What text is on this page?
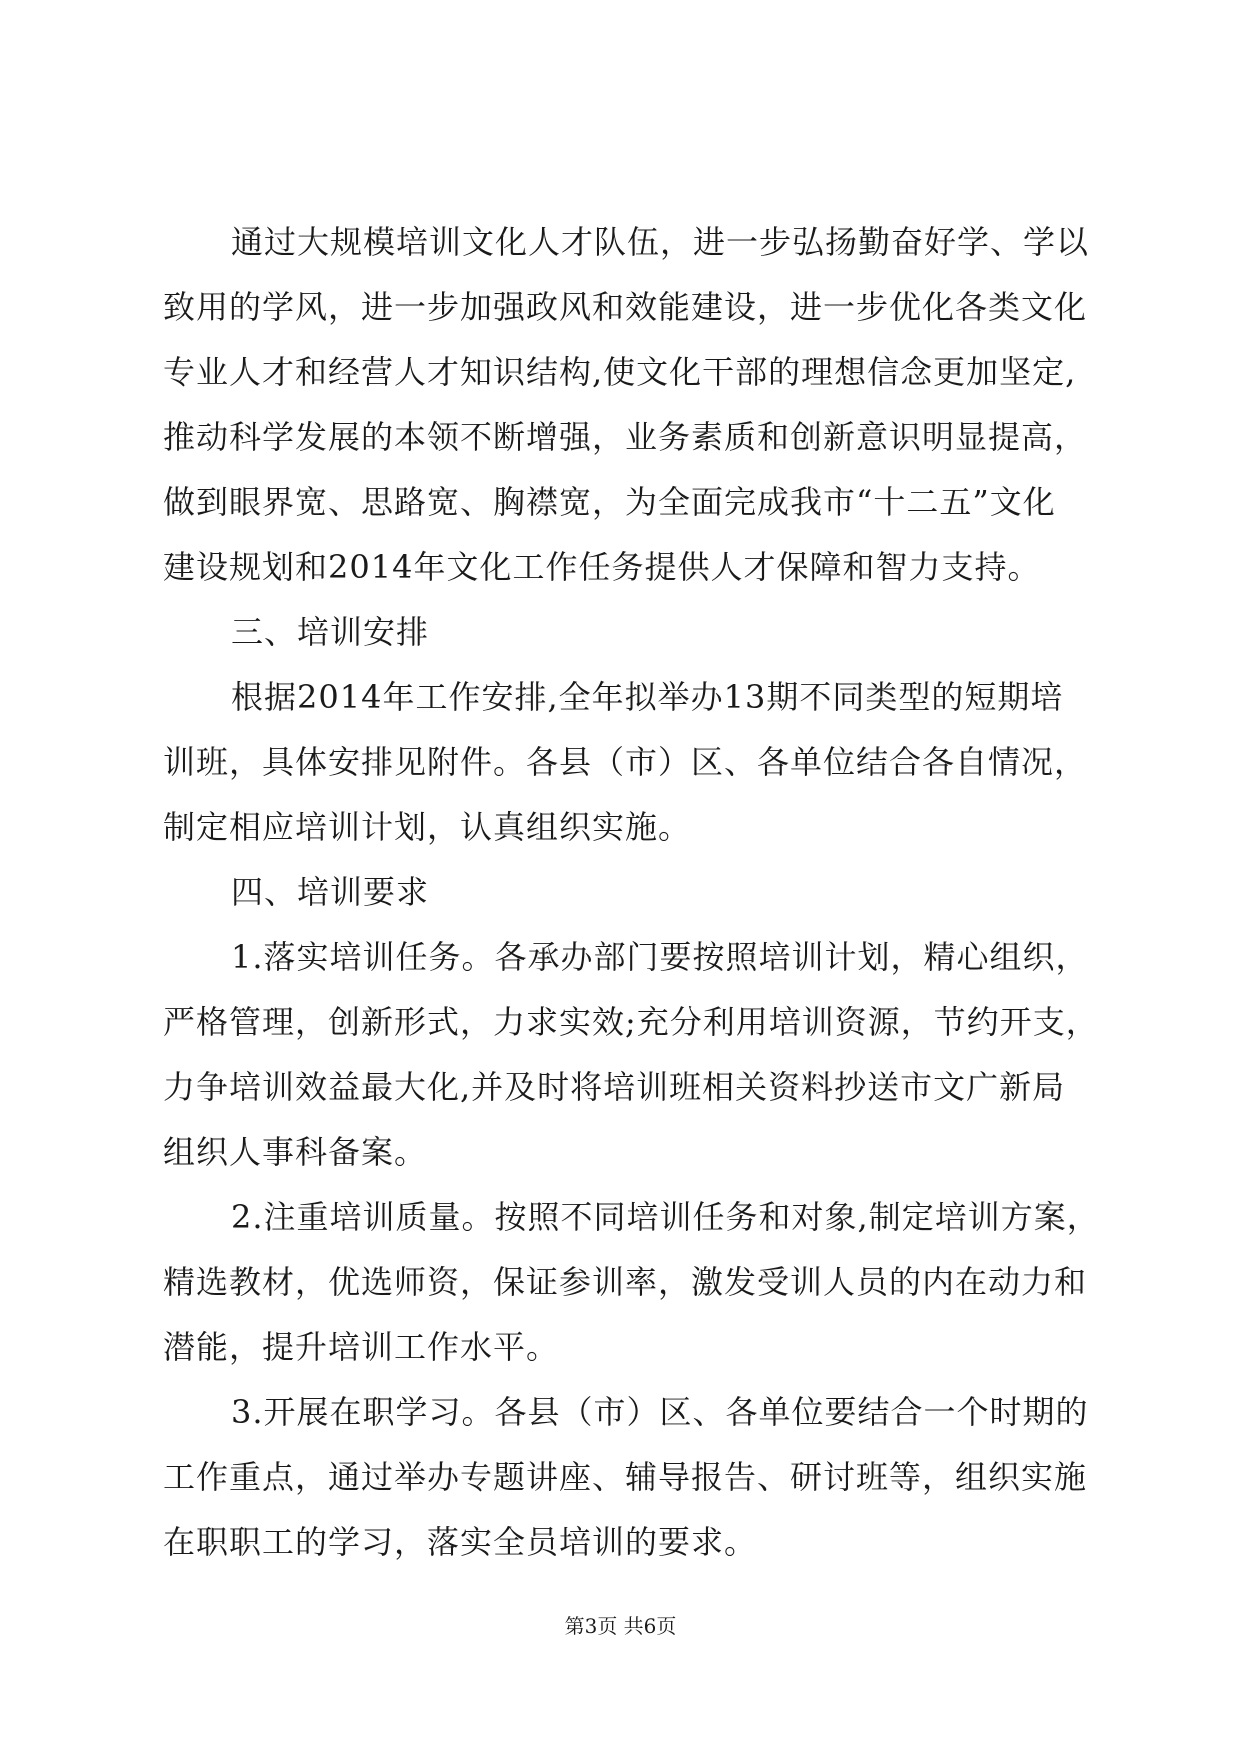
通过大规模培训文化人才队伍，进一步弘扬勤奋好学、学以
致用的学风，进一步加强政风和效能建设，进一步优化各类文化
专业人才和经营人才知识结构,使文化干部的理想信念更加坚定,
推动科学发展的本领不断增强，业务素质和创新意识明显提高，
做到眼界宽、思路宽、胸襟宽，为全面完成我市“十二五”文化
建设规划和2014年文化工作任务提供人才保障和智力支持。
三、培训安排
根据2014年工作安排,全年拟举办13期不同类型的短期培
训班，具体安排见附件。各县（市）区、各单位结合各自情况，
制定相应培训计划，认真组织实施。
四、培训要求
1.落实培训任务。各承办部门要按照培训计划，精心组织，
严格管理，创新形式，力求实效;充分利用培训资源，节约开支，
力争培训效益最大化,并及时将培训班相关资料抄送市文广新局
组织人事科备案。
2.注重培训质量。按照不同培训任务和对象,制定培训方案，
精选教材，优选师资，保证参训率，激发受训人员的内在动力和
潜能，提升培训工作水平。
3.开展在职学习。各县（市）区、各单位要结合一个时期的
工作重点，通过举办专题讲座、辅导报告、研讨班等，组织实施
在职职工的学习，落实全员培训的要求。
第3页 共6页
